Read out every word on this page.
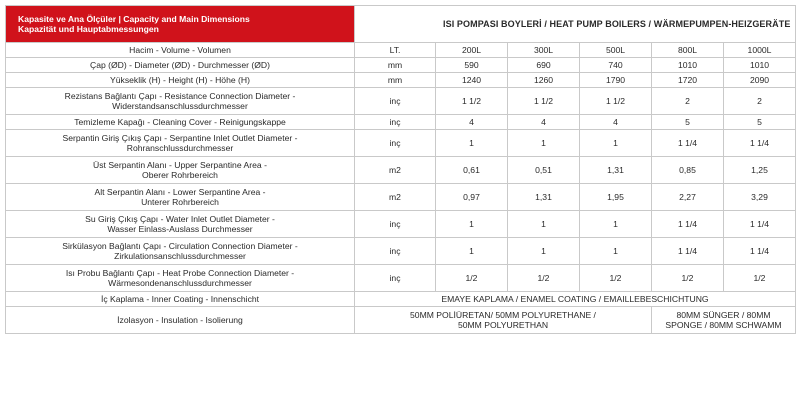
Kapasite ve Ana Ölçüler | Capacity and Main Dimensions
Kapazität und Hauptabmessungen	ISI POMPASI BOYLERİ / HEAT PUMP BOILERS / WÄRMEPUMPEN-HEIZGERÄTE					

Hacim - Volume - Volumen	LT.	200L	300L	500L	800L	1000L

Çap (ØD) - Diameter (ØD) - Durchmesser (ØD)	mm	590	690	740	1010	1010

Yükseklik (H) - Height (H) - Höhe (H)	mm	1240	1260	1790	1720	2090

Rezistans Bağlantı Çapı - Resistance Connection Diameter -
Widerstandsanschlussdurchmesser	inç	1 1/2	1 1/2	1 1/2	2	2

Temizleme Kapağı - Cleaning Cover - Reinigungskappe	inç	4	4	4	5	5

Serpantin Giriş Çıkış Çapı - Serpantine Inlet Outlet Diameter -
Rohranschlussdurchmesser	inç	1	1	1	1 1/4	1 1/4

Üst Serpantin Alanı - Upper Serpantine Area -
Oberer Rohrbereich	m2	0,61	0,51	1,31	0,85	1,25

Alt Serpantin Alanı - Lower Serpantine Area -
Unterer Rohrbereich	m2	0,97	1,31	1,95	2,27	3,29

Su Giriş Çıkış Çapı - Water Inlet Outlet Diameter -
Wasser Einlass-Auslass Durchmesser	inç	1	1	1	1 1/4	1 1/4

Sirkülasyon Bağlantı Çapı - Circulation Connection Diameter -
Zirkulationsanschlussdurchmesser	inç	1	1	1	1 1/4	1 1/4

Isı Probu Bağlantı Çapı - Heat Probe Connection Diameter -
Wärmesondenanschlussdurchmesser	inç	1/2	1/2	1/2	1/2	1/2
İç Kaplama - Inner Coating - Innenschicht	EMAYE KAPLAMA / ENAMEL COATING / EMAILLEBESCHICHTUNG					
İzolasyon - Insulation - Isolierung	50MM POLİÜRETAN/ 50MM POLYURETHANE /
50MM POLYURETHAN				80MM SÜNGER / 80MM
SPONGE / 80MM SCHWAMM	
